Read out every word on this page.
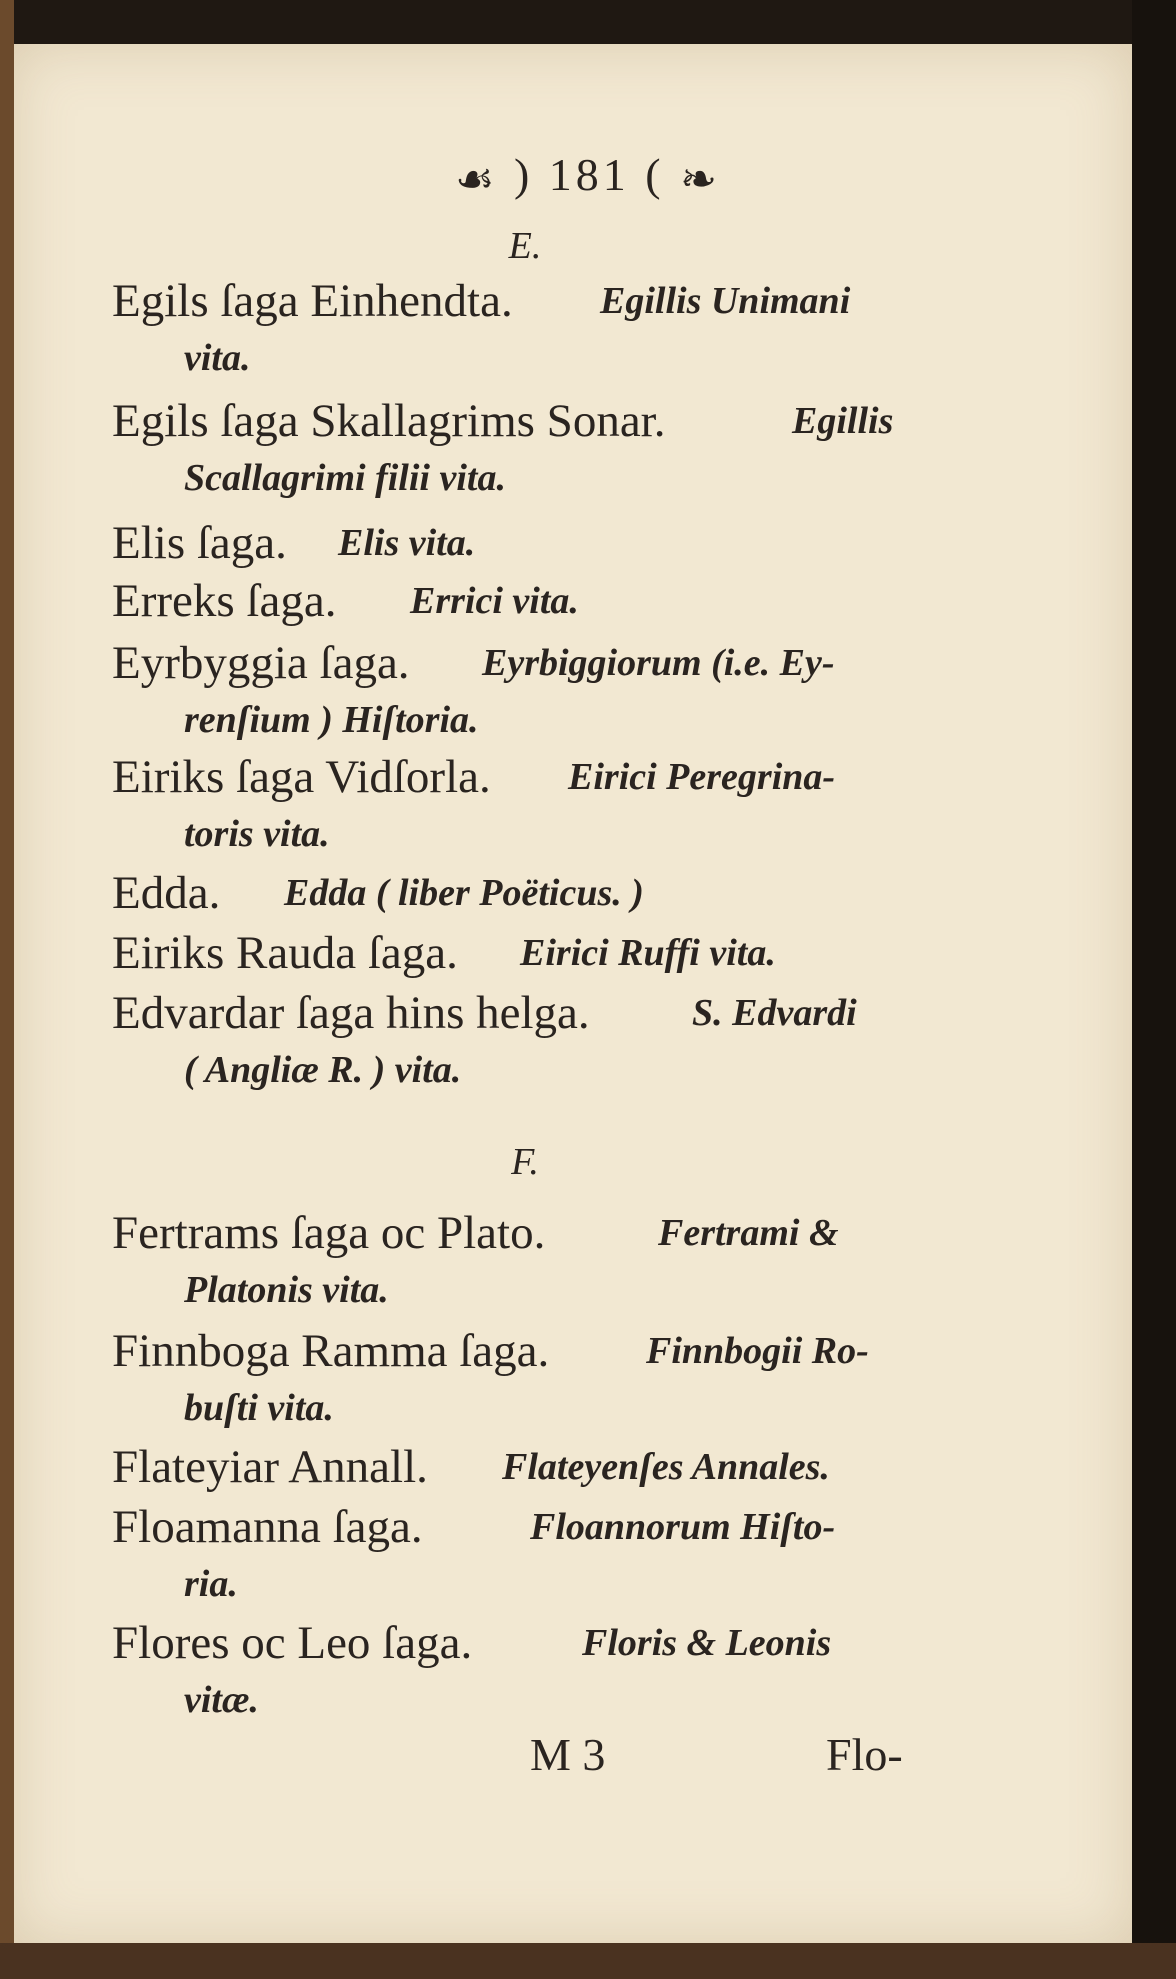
☙ ) 181 ( ❧
E.
Egils ſaga Einhendta. Egillis Unimani
vita.
Egils ſaga Skallagrims Sonar.	Egillis
Scallagrimi filii vita.
Elis ſaga. Elis vita.
Erreks ſaga. Errici vita.
Eyrbyggia ſaga. Eyrbiggiorum (i.e. Ey-
renſium ) Hiſtoria.
Eiriks ſaga Vidſorla. Eirici Peregrina-
toris vita.
Edda. Edda ( liber Poëticus. )
Eiriks Rauda ſaga. Eirici Ruffi vita.
Edvardar ſaga hins helga.	S. Edvardi
( Angliæ R. ) vita.
F.
Fertrams ſaga oc Plato.	Fertrami &
Platonis vita.
Finnboga Ramma ſaga.	Finnbogii Ro-
buſti vita.
Flateyiar Annall. Flateyenſes Annales.
Floamanna ſaga.	Floannorum Hiſto-
ria.
Flores oc Leo ſaga.	Floris & Leonis
vitæ.
M 3	Flo-
